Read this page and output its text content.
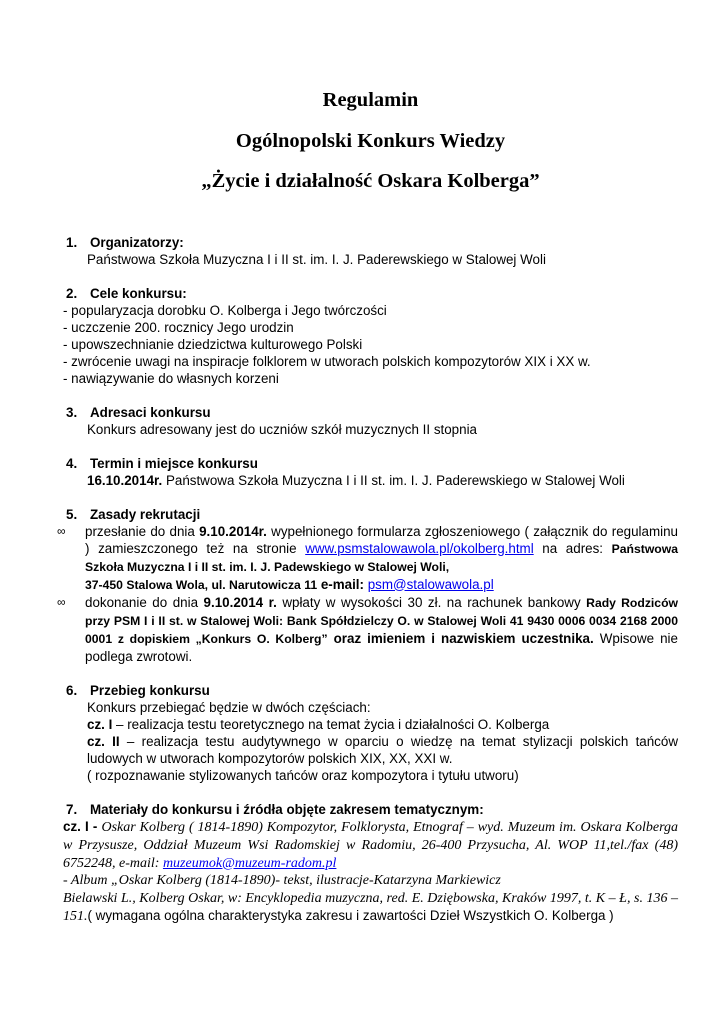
Regulamin
Ogólnopolski Konkurs Wiedzy
„Życie i działalność Oskara Kolberga”
1. Organizatorzy:
Państwowa Szkoła Muzyczna I i II st. im. I. J. Paderewskiego w Stalowej Woli
2. Cele konkursu:
- popularyzacja dorobku O. Kolberga i Jego twórczości
- uczczenie 200. rocznicy Jego urodzin
- upowszechnianie dziedzictwa kulturowego Polski
- zwrócenie uwagi na inspiracje folklorem w utworach polskich kompozytorów XIX i XX w.
- nawiązywanie do własnych korzeni
3. Adresaci konkursu
Konkurs adresowany jest do uczniów szkół muzycznych II stopnia
4. Termin i miejsce konkursu
16.10.2014r. Państwowa Szkoła Muzyczna I i II st. im. I. J. Paderewskiego w Stalowej Woli
5. Zasady rekrutacji
∞ przesłanie do dnia 9.10.2014r. wypełnionego formularza zgłoszeniowego ( załącznik do regulaminu ) zamieszczonego też na stronie www.psmstalowawola.pl/okolberg.html na adres: Państwowa Szkoła Muzyczna I i II st. im. I. J. Padewskiego w Stalowej Woli,
37-450 Stalowa Wola, ul. Narutowicza 11 e-mail: psm@stalowawola.pl
∞ dokonanie do dnia 9.10.2014 r. wpłaty w wysokości 30 zł. na rachunek bankowy Rady Rodziców przy PSM I i II st. w Stalowej Woli: Bank Spółdzielczy O. w Stalowej Woli 41 9430 0006 0034 2168 2000 0001 z dopiskiem „Konkurs O. Kolberg” oraz imieniem i nazwiskiem uczestnika. Wpisowe nie podlega zwrotowi.
6. Przebieg konkursu
Konkurs przebiegać będzie w dwóch częściach:
cz. I – realizacja testu teoretycznego na temat życia i działalności O. Kolberga
cz. II – realizacja testu audytywnego w oparciu o wiedzę na temat stylizacji polskich tańców ludowych w utworach kompozytorów polskich XIX, XX, XXI w.
( rozpoznawanie stylizowanych tańców oraz kompozytora i tytułu utworu)
7. Materiały do konkursu i źródła objęte zakresem tematycznym:
cz. I - Oskar Kolberg ( 1814-1890) Kompozytor, Folklorysta, Etnograf – wyd. Muzeum im. Oskara Kolberga w Przysusze, Oddział Muzeum Wsi Radomskiej w Radomiu, 26-400 Przysucha, Al. WOP 11,tel./fax (48) 6752248, e-mail: muzeumok@muzeum-radom.pl
- Album „Oskar Kolberg (1814-1890)- tekst, ilustracje-Katarzyna Markiewicz
Bielawski L., Kolberg Oskar, w: Encyklopedia muzyczna, red. E. Dziębowska, Kraków 1997, t. K – Ł, s. 136 – 151.( wymagana ogólna charakterystyka zakresu i zawartości Dzieł Wszystkich O. Kolberga )
